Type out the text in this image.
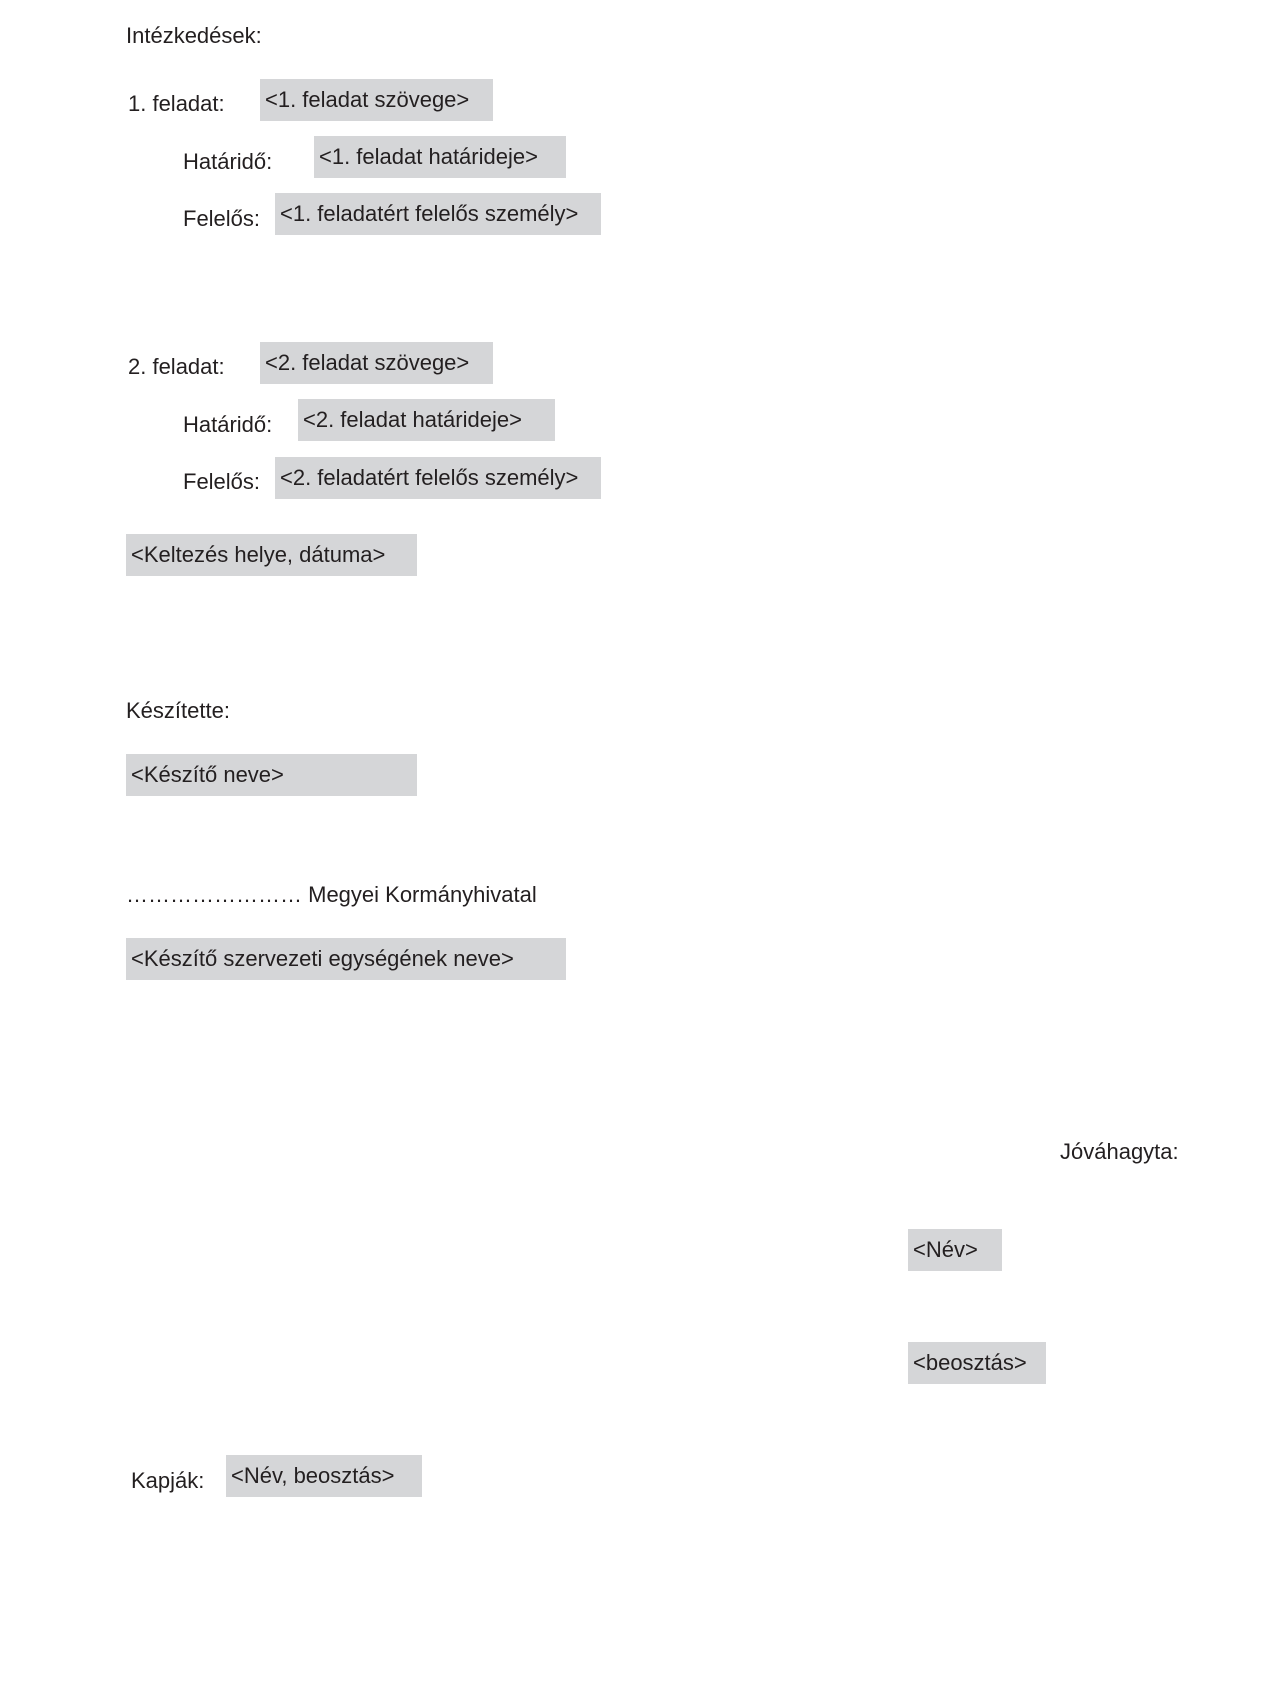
Intézkedések:
1. feladat: <1. feladat szövege>
Határidő: <1. feladat határideje>
Felelős: <1. feladatért felelős személy>
2. feladat: <2. feladat szövege>
Határidő: <2. feladat határideje>
Felelős: <2. feladatért felelős személy>
<Keltezés helye, dátuma>
Készítette:
<Készítő neve>
…………………… Megyei Kormányhivatal
<Készítő szervezeti egységének neve>
Jóváhagyta:
<Név>
<beosztás>
Kapják: <Név, beosztás>
